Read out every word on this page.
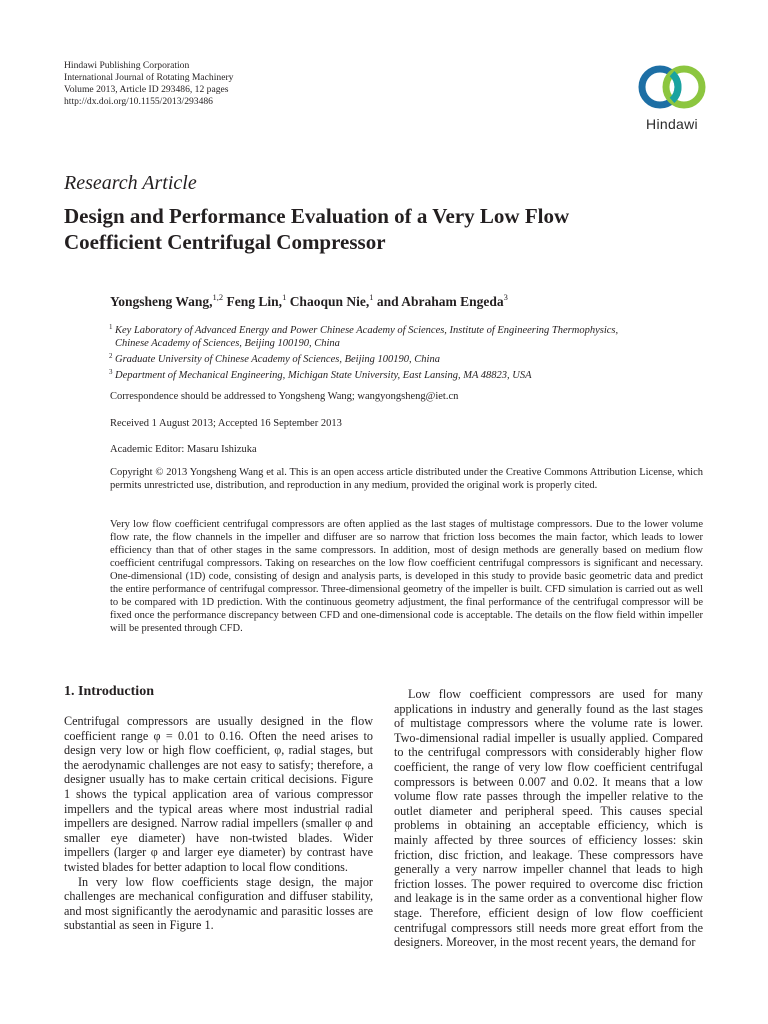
Hindawi Publishing Corporation
International Journal of Rotating Machinery
Volume 2013, Article ID 293486, 12 pages
http://dx.doi.org/10.1155/2013/293486
Hindawi
Research Article
Design and Performance Evaluation of a Very Low Flow
Coefficient Centrifugal Compressor
Yongsheng Wang,$^{1,2}$ Feng Lin,$^1$ Chaoqun Nie,$^1$ and Abraham Engeda$^3$
1 Key Laboratory of Advanced Energy and Power Chinese Academy of Sciences, Institute of Engineering Thermophysics,
Chinese Academy of Sciences, Beijing 100190, China
2 Graduate University of Chinese Academy of Sciences, Beijing 100190, China
3 Department of Mechanical Engineering, Michigan State University, East Lansing, MA 48823, USA
Correspondence should be addressed to Yongsheng Wang; wangyongsheng@iet.cn
Received 1 August 2013; Accepted 16 September 2013
Academic Editor: Masaru Ishizuka
Copyright © 2013 Yongsheng Wang et al. This is an open access article distributed under the Creative Commons Attribution License, which permits unrestricted use, distribution, and reproduction in any medium, provided the original work is properly cited.
Very low flow coefficient centrifugal compressors are often applied as the last stages of multistage compressors. Due to the lower volume flow rate, the flow channels in the impeller and diffuser are so narrow that friction loss becomes the main factor, which leads to lower efficiency than that of other stages in the same compressors. In addition, most of design methods are generally based on medium flow coefficient centrifugal compressors. Taking on researches on the low flow coefficient centrifugal compressors is significant and necessary. One-dimensional (1D) code, consisting of design and analysis parts, is developed in this study to provide basic geometric data and predict the entire performance of centrifugal compressor. Three-dimensional geometry of the impeller is built. CFD simulation is carried out as well to be compared with 1D prediction. With the continuous geometry adjustment, the final performance of the centrifugal compressor will be fixed once the performance discrepancy between CFD and one-dimensional code is acceptable. The details on the flow field within impeller will be presented through CFD.
1. Introduction

Centrifugal compressors are usually designed in the flow coefficient range φ = 0.01 to 0.16. Often the need arises to design very low or high flow coefficient, φ, radial stages, but the aerodynamic challenges are not easy to satisfy; therefore, a designer usually has to make certain critical decisions. Figure 1 shows the typical application area of various compressor impellers and the typical areas where most industrial radial impellers are designed. Narrow radial impellers (smaller φ and smaller eye diameter) have non-twisted blades. Wider impellers (larger φ and larger eye diameter) by contrast have twisted blades for better adaption to local flow conditions.

In very low flow coefficients stage design, the major challenges are mechanical configuration and diffuser stability, and most significantly the aerodynamic and parasitic losses are substantial as seen in Figure 1.

Low flow coefficient compressors are used for many applications in industry and generally found as the last stages of multistage compressors where the volume rate is lower. Two-dimensional radial impeller is usually applied. Compared to the centrifugal compressors with considerably higher flow coefficient, the range of very low flow coefficient centrifugal compressors is between 0.007 and 0.02. It means that a low volume flow rate passes through the impeller relative to the outlet diameter and peripheral speed. This causes special problems in obtaining an acceptable efficiency, which is mainly affected by three sources of efficiency losses: skin friction, disc friction, and leakage. These compressors have generally a very narrow impeller channel that leads to high friction losses. The power required to overcome disc friction and leakage is in the same order as a conventional higher flow stage. Therefore, efficient design of low flow coefficient centrifugal compressors still needs more great effort from the designers. Moreover, in the most recent years, the demand for
